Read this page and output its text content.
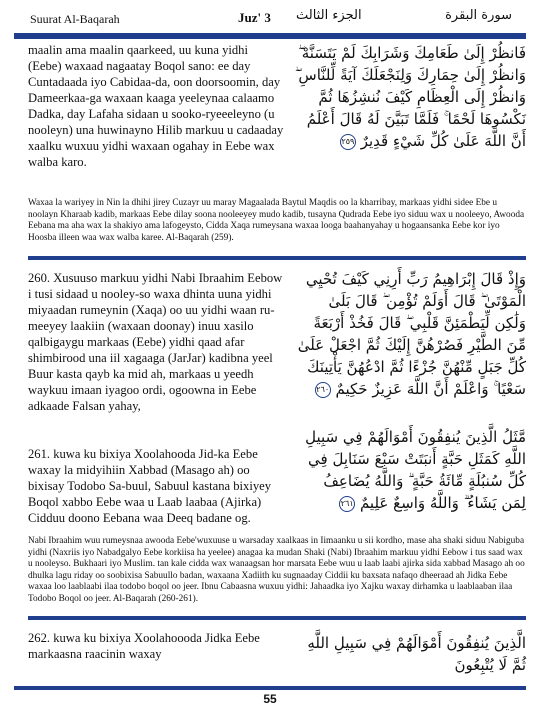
Suurat Al-Baqarah	Juz' 3 الجزء الثالث	سورة البقرة

maalin ama maalin qaarkeed, uu kuna yidhi (Eebe) waxaad nagaatay Boqol sano: ee day Cuntadaada iyo Cabidaa-da, oon doorsoomin, day Dameerkaa-ga waxaan kaaga yeeleynaa calaamo Dadka, day Lafaha sidaan u sooko-ryeeeleyno (u nooleyn) una huwinayno Hilib markuu u cadaaday xaalku wuxuu yidhi waxaan ogahay in Eebe wax walba karo.

فَانظُرْ إِلَىٰ طَعَامِكَ وَشَرَابِكَ لَمْ يَتَسَنَّهْ ۖ وَانظُرْ إِلَىٰ حِمَارِكَ وَلِنَجْعَلَكَ آيَةً لِّلنَّاسِ ۖ وَانظُرْ إِلَى الْعِظَامِ كَيْفَ نُنشِزُهَا ثُمَّ نَكْسُوهَا لَحْمًا ۚ فَلَمَّا تَبَيَّنَ لَهُ قَالَ أَعْلَمُ أَنَّ اللَّهَ عَلَىٰ كُلِّ شَيْءٍ قَدِيرٌ ٢٥٩

Waxaa la wariyey in Nin la dhihi jirey Cuzayr uu maray Magaalada Baytul Maqdis oo la kharribay, markaas yidhi sidee Ebe u noolayn Kharaab kadib, markaas Eebe dilay soona nooleeyey mudo kadib, tusayna Qudrada Eebe iyo siduu wax u nooleeyo, Awooda Eebana ma aha wax la shakiyo ama lafogeysto, Cidda Xaqa rumeysana waxaa looga baahanyahay u hogaansanka Eebe kor iyo Hoosba illeen waa wax walba karee. Al-Baqarah (259).

260. Xusuuso markuu yidhi Nabi Ibraahim Eebow i tusi sidaad u nooley-so waxa dhinta uuna yidhi miyaadan rumeynin (Xaqa) oo uu yidhi waan ru-meeyey laakiin (waxaan doonay) inuu xasilo qalbigaygu markaas (Eebe) yidhi qaad afar shimbirood una iil xagaaga (JarJar) kadibna yeel Buur kasta qayb ka mid ah, markaas u yeedh waykuu imaan iyagoo ordi, ogoowna in Eebe adkaade Falsan yahay,

وَإِذْ قَالَ إِبْرَاهِيمُ رَبِّ أَرِنِي كَيْفَ تُحْيِي الْمَوْتَىٰ ۖ قَالَ أَوَلَمْ تُؤْمِن ۖ قَالَ بَلَىٰ وَلَٰكِن لِّيَطْمَئِنَّ قَلْبِي ۖ قَالَ فَخُذْ أَرْبَعَةً مِّنَ الطَّيْرِ فَصُرْهُنَّ إِلَيْكَ ثُمَّ اجْعَلْ عَلَىٰ كُلِّ جَبَلٍ مِّنْهُنَّ جُزْءًا ثُمَّ ادْعُهُنَّ يَأْتِينَكَ سَعْيًا ۚ وَاعْلَمْ أَنَّ اللَّهَ عَزِيزٌ حَكِيمٌ ٢٦٠

261. kuwa ku bixiya Xoolahooda Jid-ka Eebe waxay la midyihiin Xabbad (Masago ah) oo bixisay Todobo Sa-buul, Sabuul kastana bixiyey Boqol xabbo Eebe waa u Laab laabaa (Ajirka) Cidduu doono Eebana waa Deeq badane og.

مَّثَلُ الَّذِينَ يُنفِقُونَ أَمْوَالَهُمْ فِي سَبِيلِ اللَّهِ كَمَثَلِ حَبَّةٍ أَنبَتَتْ سَبْعَ سَنَابِلَ فِي كُلِّ سُنبُلَةٍ مِّائَةُ حَبَّةٍ ۗ وَاللَّهُ يُضَاعِفُ لِمَن يَشَاءُ ۗ وَاللَّهُ وَاسِعٌ عَلِيمٌ ٢٦١

Nabi Ibraahim wuu rumeysnaa awooda Eebe'wuxuuse u warsaday xaalkaas in Iimaanku u sii kordho, mase aha shaki siduu Nabiguba yidhi (Naxriis iyo Nabadgalyo Eebe korkiisa ha yeelee) anagaa ka mudan Shaki (Nabi) Ibraahim markuu yidhi Eebow i tus saad wax u nooleyso. Bukhaari iyo Muslim. tan kale cidda wax wanaagsan hor marsata Eebe wuu u laab laabi ajirka sida xabbad Masago ah oo dhulka lagu riday oo soobixisa Sabuullo badan, waxaana Xadiith ku sugnaaday Ciddii ku baxsata nafaqo dheeraad ah Jidka Eebe waxaa loo laablaabi ilaa todobo boqol oo jeer. Ibnu Cabaasna wuxuu yidhi: Jahaadka iyo Xajku waxay dirhamka u laablaaban ilaa Todobo Boqol oo jeer. Al-Baqarah (260-261).

262. kuwa ku bixiya Xoolahoooda Jidka Eebe markaasna raacinin waxay

الَّذِينَ يُنفِقُونَ أَمْوَالَهُمْ فِي سَبِيلِ اللَّهِ ثُمَّ لَا يُتْبِعُونَ
55
